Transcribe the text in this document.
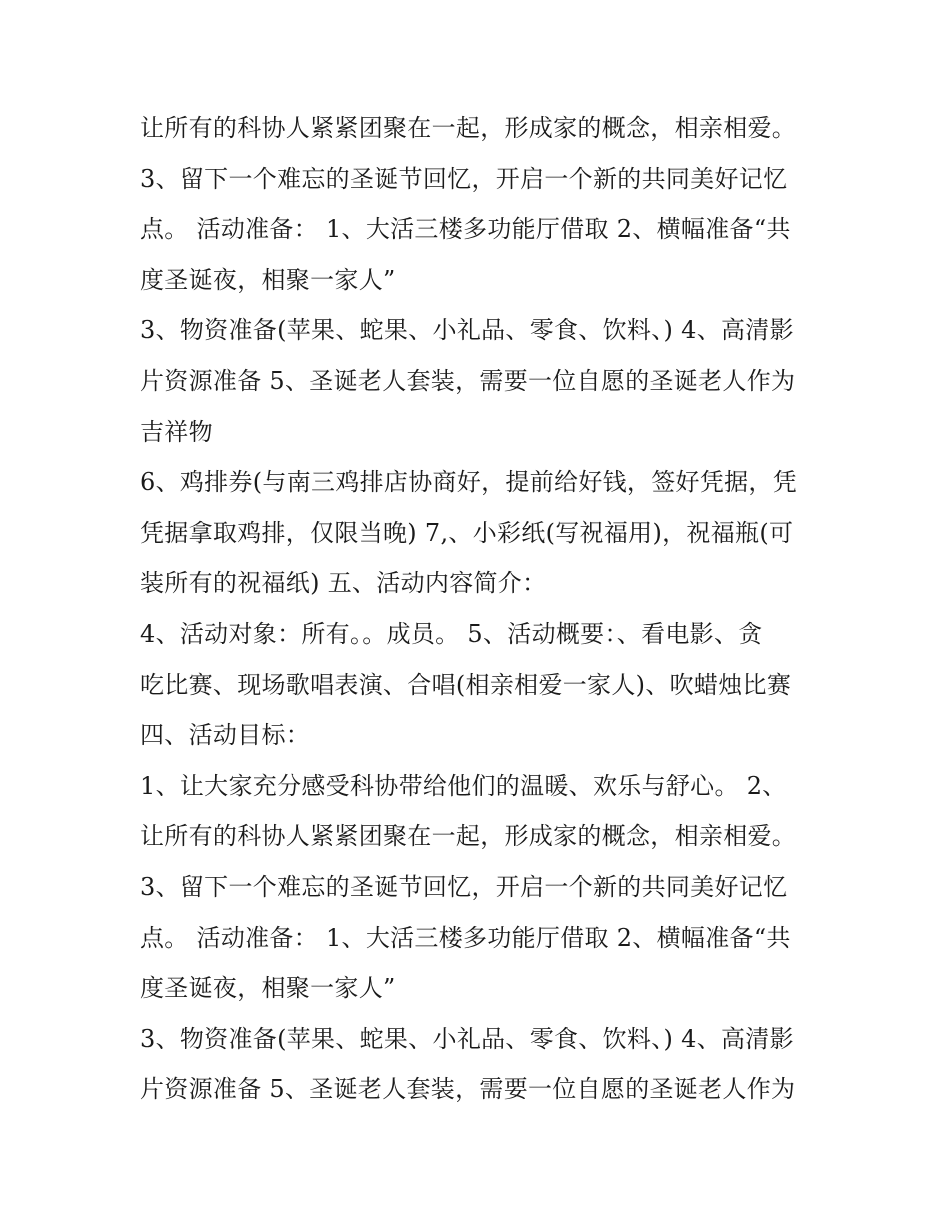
让所有的科协人紧紧团聚在一起，形成家的概念，相亲相爱。
3、留下一个难忘的圣诞节回忆，开启一个新的共同美好记忆
点。 活动准备： 1、大活三楼多功能厅借取 2、横幅准备“共
度圣诞夜，相聚一家人”
3、物资准备(苹果、蛇果、小礼品、零食、饮料、) 4、高清影
片资源准备 5、圣诞老人套装，需要一位自愿的圣诞老人作为
吉祥物
6、鸡排券(与南三鸡排店协商好，提前给好钱，签好凭据，凭
凭据拿取鸡排，仅限当晚) 7,、小彩纸(写祝福用)，祝福瓶(可
装所有的祝福纸) 五、活动内容简介：
4、活动对象：所有。。成员。 5、活动概要：、看电影、贪
吃比赛、现场歌唱表演、合唱(相亲相爱一家人)、吹蜡烛比赛
四、活动目标：
1、让大家充分感受科协带给他们的温暖、欢乐与舒心。 2、
让所有的科协人紧紧团聚在一起，形成家的概念，相亲相爱。
3、留下一个难忘的圣诞节回忆，开启一个新的共同美好记忆
点。 活动准备： 1、大活三楼多功能厅借取 2、横幅准备“共
度圣诞夜，相聚一家人”
3、物资准备(苹果、蛇果、小礼品、零食、饮料、) 4、高清影
片资源准备 5、圣诞老人套装，需要一位自愿的圣诞老人作为
